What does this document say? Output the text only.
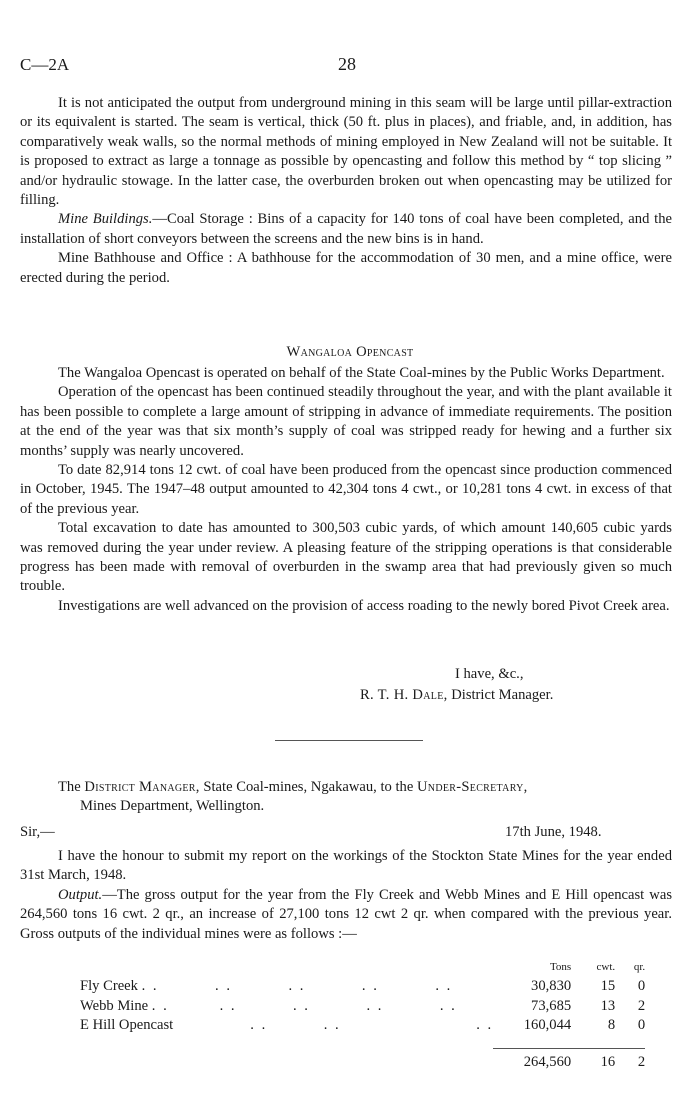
C—2A	28

It is not anticipated the output from underground mining in this seam will be large until pillar-extraction or its equivalent is started. The seam is vertical, thick (50 ft. plus in places), and friable, and, in addition, has comparatively weak walls, so the normal methods of mining employed in New Zealand will not be suitable. It is proposed to extract as large a tonnage as possible by opencasting and follow this method by “ top slicing ” and/or hydraulic stowage. In the latter case, the overburden broken out when opencasting may be utilized for filling.

Mine Buildings.—Coal Storage : Bins of a capacity for 140 tons of coal have been completed, and the installation of short conveyors between the screens and the new bins is in hand.

Mine Bathhouse and Office : A bathhouse for the accommodation of 30 men, and a mine office, were erected during the period.

Wangaloa Opencast

The Wangaloa Opencast is operated on behalf of the State Coal-mines by the Public Works Department.

Operation of the opencast has been continued steadily throughout the year, and with the plant available it has been possible to complete a large amount of stripping in advance of immediate requirements. The position at the end of the year was that six month’s supply of coal was stripped ready for hewing and a further six months’ supply was nearly uncovered.

To date 82,914 tons 12 cwt. of coal have been produced from the opencast since production commenced in October, 1945. The 1947–48 output amounted to 42,304 tons 4 cwt., or 10,281 tons 4 cwt. in excess of that of the previous year.

Total excavation to date has amounted to 300,503 cubic yards, of which amount 140,605 cubic yards was removed during the year under review. A pleasing feature of the stripping operations is that considerable progress has been made with removal of overburden in the swamp area that had previously given so much trouble.

Investigations are well advanced on the provision of access roading to the newly bored Pivot Creek area.

I have, &c.,
R. T. H. Dale, District Manager.

The District Manager, State Coal-mines, Ngakawau, to the Under-Secretary,

Mines Department, Wellington.

Sir,—	17th June, 1948.

I have the honour to submit my report on the workings of the Stockton State Mines for the year ended 31st March, 1948.

Output.—The gross output for the year from the Fly Creek and Webb Mines and E Hill opencast was 264,560 tons 16 cwt. 2 qr., an increase of 27,100 tons 12 cwt 2 qr. when compared with the previous year. Gross outputs of the individual mines were as follows :—

	Tons	cwt.	qr.
Fly Creek . .          . .          . .          . .          . .	30,830	15	0
Webb Mine . .         . .          . .          . .          . .	73,685	13	2
E Hill Opencast              . .          . .                        . .	160,044	8	0

	264,560	16	2
